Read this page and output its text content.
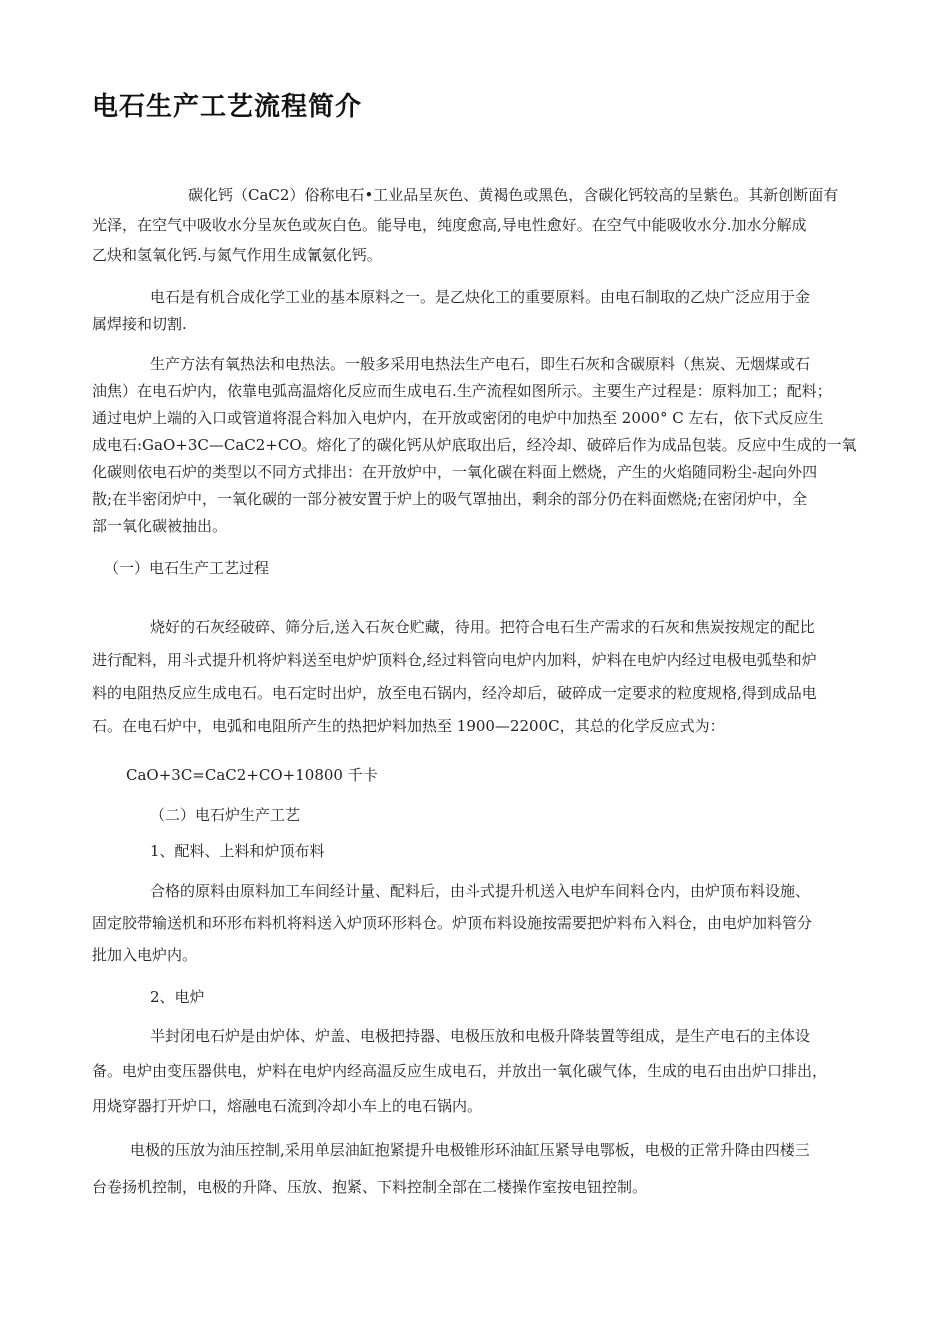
电石生产工艺流程简介

碳化钙（CaC2）俗称电石•工业品呈灰色、黄褐色或黑色，含碳化钙较高的呈紫色。其新创断面有
光泽，在空气中吸收水分呈灰色或灰白色。能导电，纯度愈高,导电性愈好。在空气中能吸收水分.加水分解成
乙炔和氢氧化钙.与氮气作用生成氰氨化钙。

电石是有机合成化学工业的基本原料之一。是乙炔化工的重要原料。由电石制取的乙炔广泛应用于金
属焊接和切割.

生产方法有氧热法和电热法。一般多采用电热法生产电石，即生石灰和含碳原料（焦炭、无烟煤或石
油焦）在电石炉内，依靠电弧高温熔化反应而生成电石.生产流程如图所示。主要生产过程是：原料加工；配料；
通过电炉上端的入口或管道将混合料加入电炉内，在开放或密闭的电炉中加热至 2000° C 左右，依下式反应生
成电石:GaO+3C—CaC2+CO。熔化了的碳化钙从炉底取出后，经冷却、破碎后作为成品包装。反应中生成的一氧
化碳则依电石炉的类型以不同方式排出：在开放炉中，一氧化碳在料面上燃烧，产生的火焰随同粉尘-起向外四
散;在半密闭炉中，一氧化碳的一部分被安置于炉上的吸气罩抽出，剩余的部分仍在料面燃烧;在密闭炉中，全
部一氧化碳被抽出。

（一）电石生产工艺过程

烧好的石灰经破碎、筛分后,送入石灰仓贮藏，待用。把符合电石生产需求的石灰和焦炭按规定的配比
进行配料，用斗式提升机将炉料送至电炉炉顶料仓,经过料管向电炉内加料，炉料在电炉内经过电极电弧垫和炉
料的电阻热反应生成电石。电石定时出炉，放至电石锅内，经冷却后，破碎成一定要求的粒度规格,得到成品电
石。在电石炉中，电弧和电阻所产生的热把炉料加热至 1900—2200C，其总的化学反应式为：

CaO+3C=CaC2+CO+10800 千卡

（二）电石炉生产工艺

1、配料、上料和炉顶布料

合格的原料由原料加工车间经计量、配料后，由斗式提升机送入电炉车间料仓内，由炉顶布料设施、
固定胶带输送机和环形布料机将料送入炉顶环形料仓。炉顶布料设施按需要把炉料布入料仓，由电炉加料管分
批加入电炉内。

2、电炉

半封闭电石炉是由炉体、炉盖、电极把持器、电极压放和电极升降装置等组成，是生产电石的主体设
备。电炉由变压器供电，炉料在电炉内经高温反应生成电石，并放出一氧化碳气体，生成的电石由出炉口排出，
用烧穿器打开炉口，熔融电石流到冷却小车上的电石锅内。

电极的压放为油压控制,采用单层油缸抱紧提升电极锥形环油缸压紧导电鄂板，电极的正常升降由四楼三
台卷扬机控制，电极的升降、压放、抱紧、下料控制全部在二楼操作室按电钮控制。
